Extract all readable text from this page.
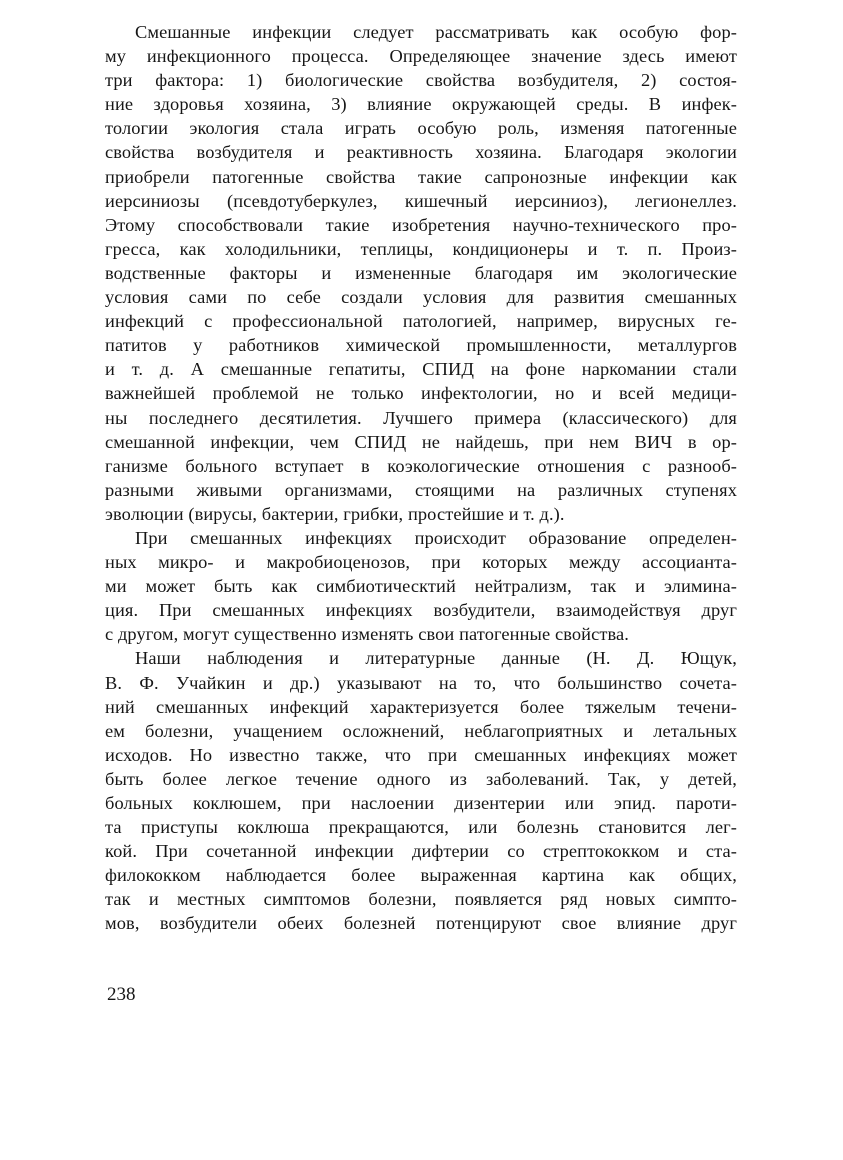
Смешанные инфекции следует рассматривать как особую фор-
му инфекционного процесса. Определяющее значение здесь имеют
три фактора: 1) биологические свойства возбудителя, 2) состоя-
ние здоровья хозяина, 3) влияние окружающей среды. В инфек-
тологии экология стала играть особую роль, изменяя патогенные
свойства возбудителя и реактивность хозяина. Благодаря экологии
приобрели патогенные свойства такие сапронозные инфекции как
иерсиниозы (псевдотуберкулез, кишечный иерсиниоз), легионеллез.
Этому способствовали такие изобретения научно-технического про-
гресса, как холодильники, теплицы, кондиционеры и т. п. Произ-
водственные факторы и измененные благодаря им экологические
условия сами по себе создали условия для развития смешанных
инфекций с профессиональной патологией, например, вирусных ге-
патитов у работников химической промышленности, металлургов
и т. д. А смешанные гепатиты, СПИД на фоне наркомании стали
важнейшей проблемой не только инфектологии, но и всей медици-
ны последнего десятилетия. Лучшего примера (классического) для
смешанной инфекции, чем СПИД не найдешь, при нем ВИЧ в ор-
ганизме больного вступает в коэкологические отношения с разнооб-
разными живыми организмами, стоящими на различных ступенях
эволюции (вирусы, бактерии, грибки, простейшие и т. д.).
При смешанных инфекциях происходит образование определен-
ных микро- и макробиоценозов, при которых между ассоцианта-
ми может быть как симбиотическтий нейтрализм, так и элимина-
ция. При смешанных инфекциях возбудители, взаимодействуя друг
с другом, могут существенно изменять свои патогенные свойства.
Наши наблюдения и литературные данные (Н. Д. Ющук,
В. Ф. Учайкин и др.) указывают на то, что большинство сочета-
ний смешанных инфекций характеризуется более тяжелым течени-
ем болезни, учащением осложнений, неблагоприятных и летальных
исходов. Но известно также, что при смешанных инфекциях может
быть более легкое течение одного из заболеваний. Так, у детей,
больных коклюшем, при наслоении дизентерии или эпид. пароти-
та приступы коклюша прекращаются, или болезнь становится лег-
кой. При сочетанной инфекции дифтерии со стрептококком и ста-
филококком наблюдается более выраженная картина как общих,
так и местных симптомов болезни, появляется ряд новых симпто-
мов, возбудители обеих болезней потенцируют свое влияние друг
238
